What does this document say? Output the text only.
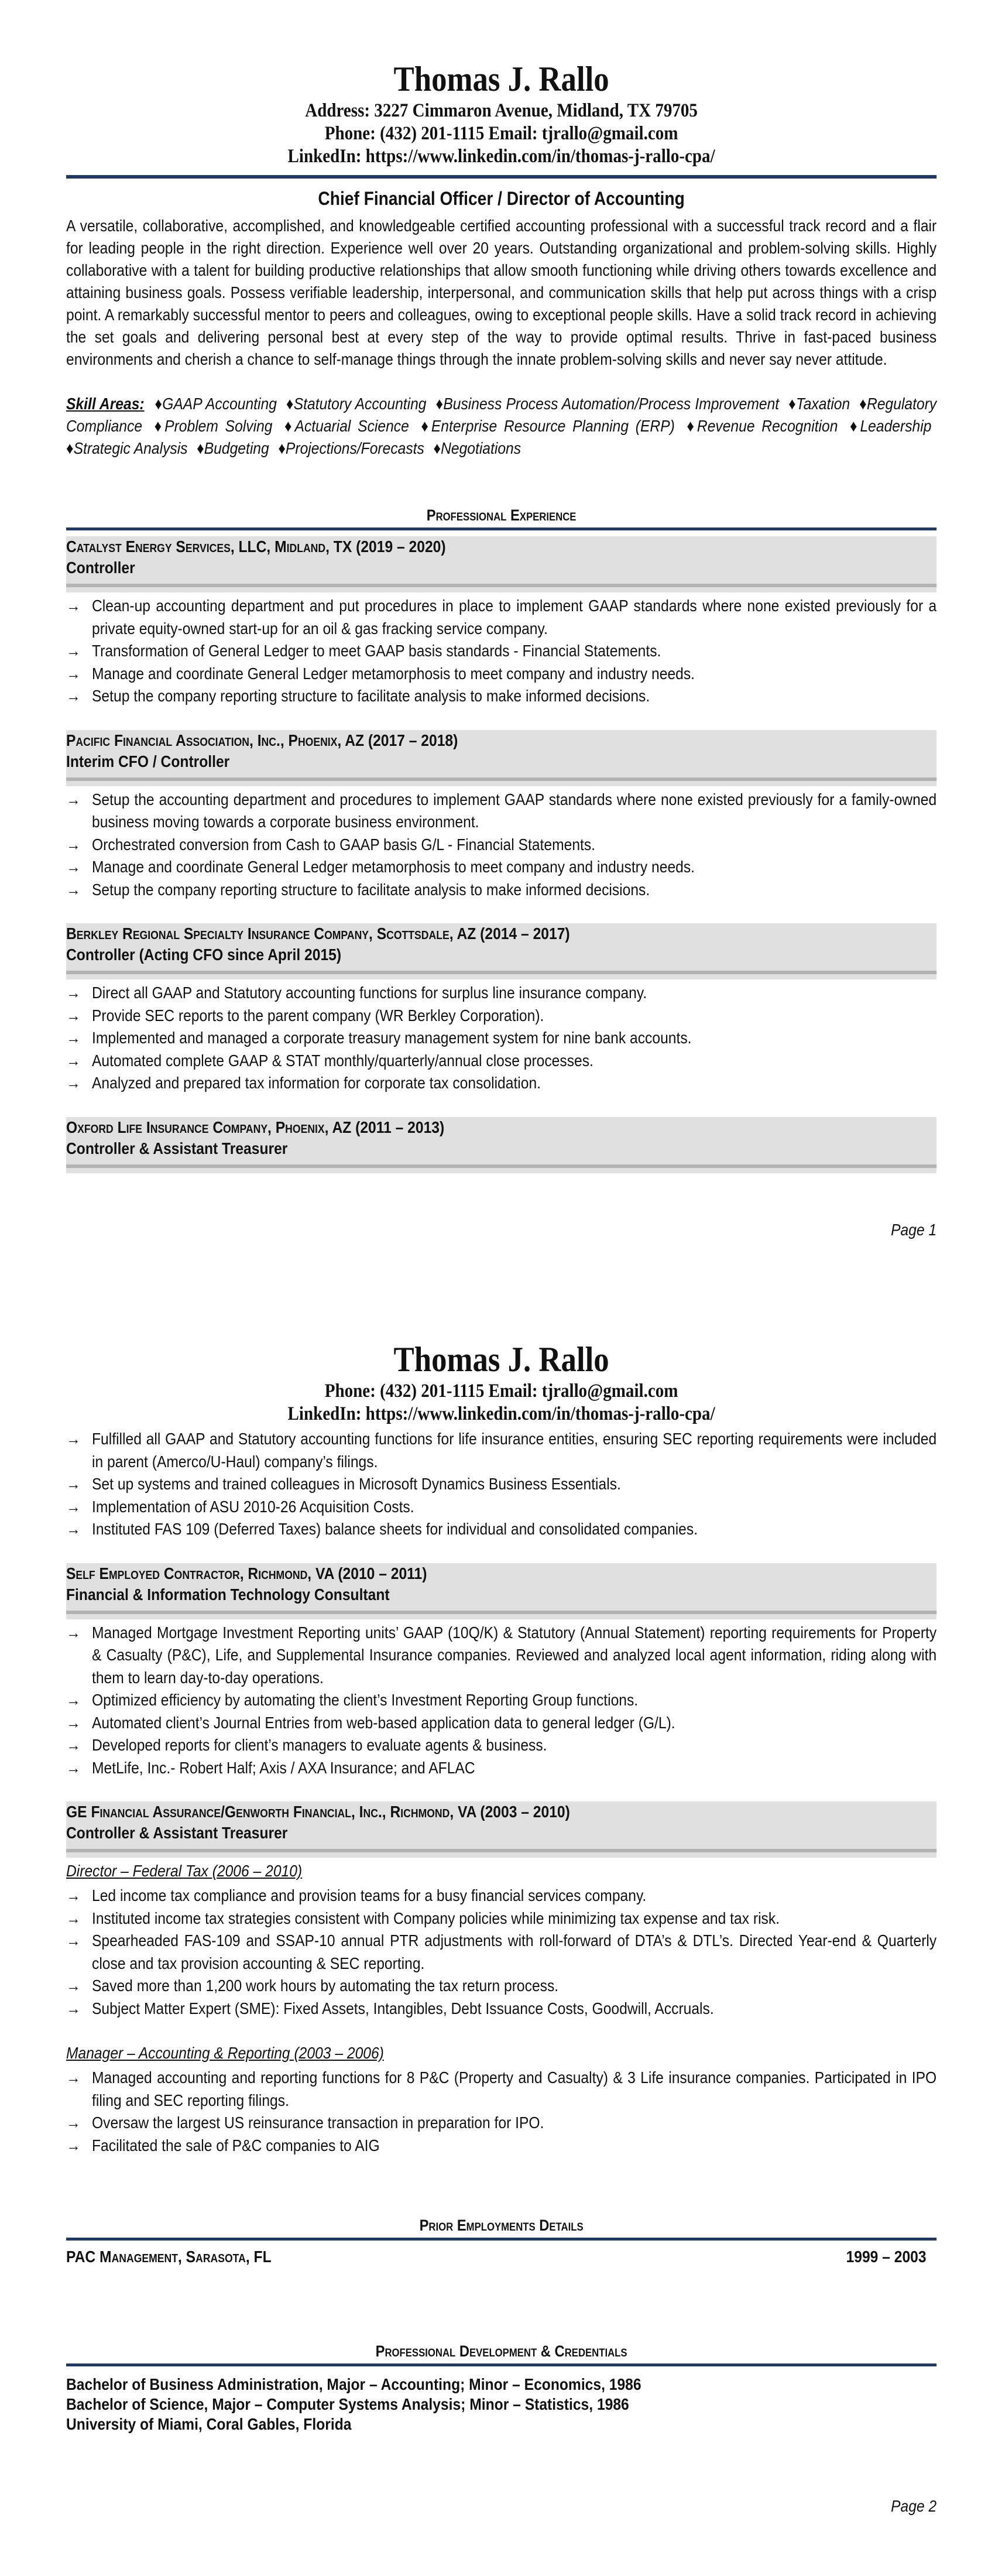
Thomas J. Rallo
Address: 3227 Cimmaron Avenue, Midland, TX 79705
Phone: (432) 201-1115 Email: tjrallo@gmail.com
LinkedIn: https://www.linkedin.com/in/thomas-j-rallo-cpa/
Chief Financial Officer / Director of Accounting
A versatile, collaborative, accomplished, and knowledgeable certified accounting professional with a successful track record and a flair for leading people in the right direction. Experience well over 20 years. Outstanding organizational and problem-solving skills. Highly collaborative with a talent for building productive relationships that allow smooth functioning while driving others towards excellence and attaining business goals. Possess verifiable leadership, interpersonal, and communication skills that help put across things with a crisp point. A remarkably successful mentor to peers and colleagues, owing to exceptional people skills. Have a solid track record in achieving the set goals and delivering personal best at every step of the way to provide optimal results. Thrive in fast-paced business environments and cherish a chance to self-manage things through the innate problem-solving skills and never say never attitude.
Skill Areas: ♦GAAP Accounting ♦Statutory Accounting ♦Business Process Automation/Process Improvement ♦Taxation ♦Regulatory Compliance ♦Problem Solving ♦Actuarial Science ♦Enterprise Resource Planning (ERP) ♦Revenue Recognition ♦Leadership ♦Strategic Analysis ♦Budgeting ♦Projections/Forecasts ♦Negotiations
Professional Experience
Catalyst Energy Services, LLC, Midland, TX (2019 – 2020)
Controller
→ Clean-up accounting department and put procedures in place to implement GAAP standards where none existed previously for a private equity-owned start-up for an oil & gas fracking service company.
→ Transformation of General Ledger to meet GAAP basis standards - Financial Statements.
→ Manage and coordinate General Ledger metamorphosis to meet company and industry needs.
→ Setup the company reporting structure to facilitate analysis to make informed decisions.
Pacific Financial Association, Inc., Phoenix, AZ (2017 – 2018)
Interim CFO / Controller
→ Setup the accounting department and procedures to implement GAAP standards where none existed previously for a family-owned business moving towards a corporate business environment.
→ Orchestrated conversion from Cash to GAAP basis G/L - Financial Statements.
→ Manage and coordinate General Ledger metamorphosis to meet company and industry needs.
→ Setup the company reporting structure to facilitate analysis to make informed decisions.
Berkley Regional Specialty Insurance Company, Scottsdale, AZ (2014 – 2017)
Controller (Acting CFO since April 2015)
→ Direct all GAAP and Statutory accounting functions for surplus line insurance company.
→ Provide SEC reports to the parent company (WR Berkley Corporation).
→ Implemented and managed a corporate treasury management system for nine bank accounts.
→ Automated complete GAAP & STAT monthly/quarterly/annual close processes.
→ Analyzed and prepared tax information for corporate tax consolidation.
Oxford Life Insurance Company, Phoenix, AZ (2011 – 2013)
Controller & Assistant Treasurer
Page 1
Thomas J. Rallo
Phone: (432) 201-1115 Email: tjrallo@gmail.com
LinkedIn: https://www.linkedin.com/in/thomas-j-rallo-cpa/
→ Fulfilled all GAAP and Statutory accounting functions for life insurance entities, ensuring SEC reporting requirements were included in parent (Amerco/U-Haul) company’s filings.
→ Set up systems and trained colleagues in Microsoft Dynamics Business Essentials.
→ Implementation of ASU 2010-26 Acquisition Costs.
→ Instituted FAS 109 (Deferred Taxes) balance sheets for individual and consolidated companies.
Self Employed Contractor, Richmond, VA (2010 – 2011)
Financial & Information Technology Consultant
→ Managed Mortgage Investment Reporting units’ GAAP (10Q/K) & Statutory (Annual Statement) reporting requirements for Property & Casualty (P&C), Life, and Supplemental Insurance companies. Reviewed and analyzed local agent information, riding along with them to learn day-to-day operations.
→ Optimized efficiency by automating the client’s Investment Reporting Group functions.
→ Automated client’s Journal Entries from web-based application data to general ledger (G/L).
→ Developed reports for client’s managers to evaluate agents & business.
→ MetLife, Inc.- Robert Half; Axis / AXA Insurance; and AFLAC
GE Financial Assurance/Genworth Financial, Inc., Richmond, VA (2003 – 2010)
Controller & Assistant Treasurer
Director – Federal Tax (2006 – 2010)
→ Led income tax compliance and provision teams for a busy financial services company.
→ Instituted income tax strategies consistent with Company policies while minimizing tax expense and tax risk.
→ Spearheaded FAS-109 and SSAP-10 annual PTR adjustments with roll-forward of DTA’s & DTL’s. Directed Year-end & Quarterly close and tax provision accounting & SEC reporting.
→ Saved more than 1,200 work hours by automating the tax return process.
→ Subject Matter Expert (SME): Fixed Assets, Intangibles, Debt Issuance Costs, Goodwill, Accruals.
Manager – Accounting & Reporting (2003 – 2006)
→ Managed accounting and reporting functions for 8 P&C (Property and Casualty) & 3 Life insurance companies. Participated in IPO filing and SEC reporting filings.
→ Oversaw the largest US reinsurance transaction in preparation for IPO.
→ Facilitated the sale of P&C companies to AIG
Prior Employments Details
PAC Management, Sarasota, FL	1999 – 2003
Professional Development & Credentials
Bachelor of Business Administration, Major – Accounting; Minor – Economics, 1986
Bachelor of Science, Major – Computer Systems Analysis; Minor – Statistics, 1986
University of Miami, Coral Gables, Florida
Page 2
